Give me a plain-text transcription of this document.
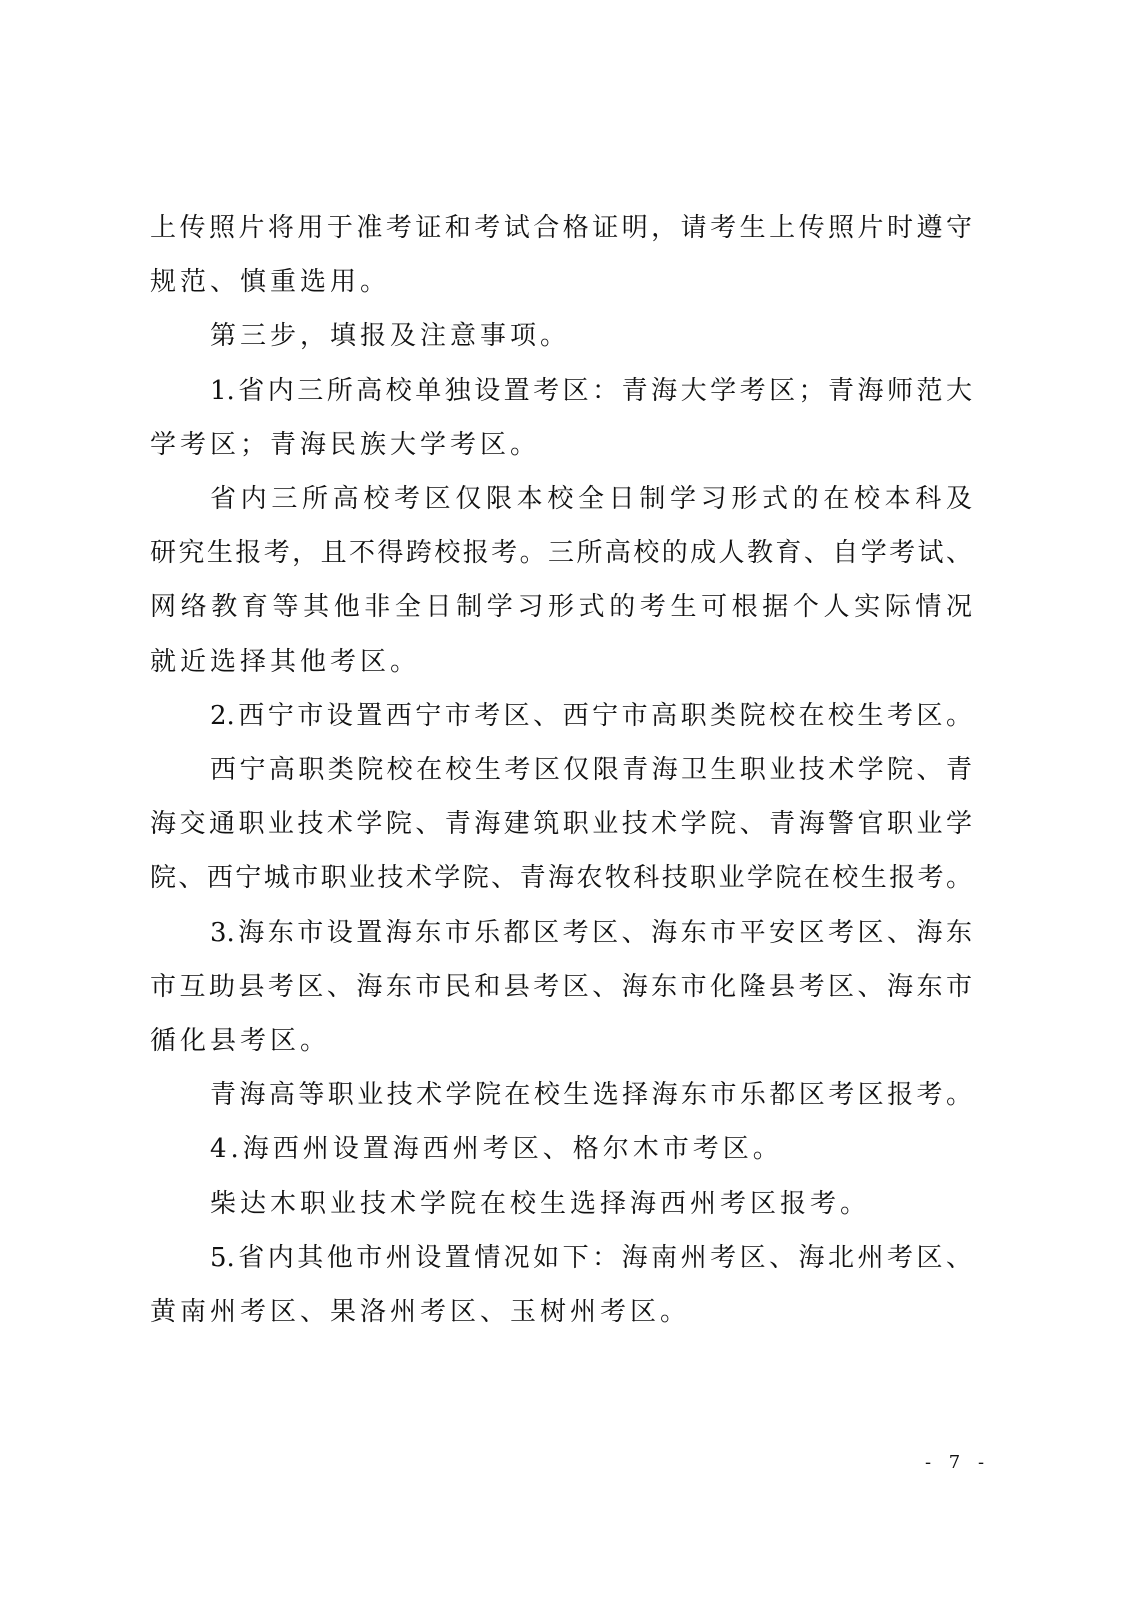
上传照片将用于准考证和考试合格证明，请考生上传照片时遵守
规范、慎重选用。
第三步，填报及注意事项。
1.省内三所高校单独设置考区：青海大学考区；青海师范大
学考区；青海民族大学考区。
省内三所高校考区仅限本校全日制学习形式的在校本科及
研究生报考，且不得跨校报考。三所高校的成人教育、自学考试、
网络教育等其他非全日制学习形式的考生可根据个人实际情况
就近选择其他考区。
2.西宁市设置西宁市考区、西宁市高职类院校在校生考区。
西宁高职类院校在校生考区仅限青海卫生职业技术学院、青
海交通职业技术学院、青海建筑职业技术学院、青海警官职业学
院、西宁城市职业技术学院、青海农牧科技职业学院在校生报考。
3.海东市设置海东市乐都区考区、海东市平安区考区、海东
市互助县考区、海东市民和县考区、海东市化隆县考区、海东市
循化县考区。
青海高等职业技术学院在校生选择海东市乐都区考区报考。
4.海西州设置海西州考区、格尔木市考区。
柴达木职业技术学院在校生选择海西州考区报考。
5.省内其他市州设置情况如下：海南州考区、海北州考区、
黄南州考区、果洛州考区、玉树州考区。
- 7 -
